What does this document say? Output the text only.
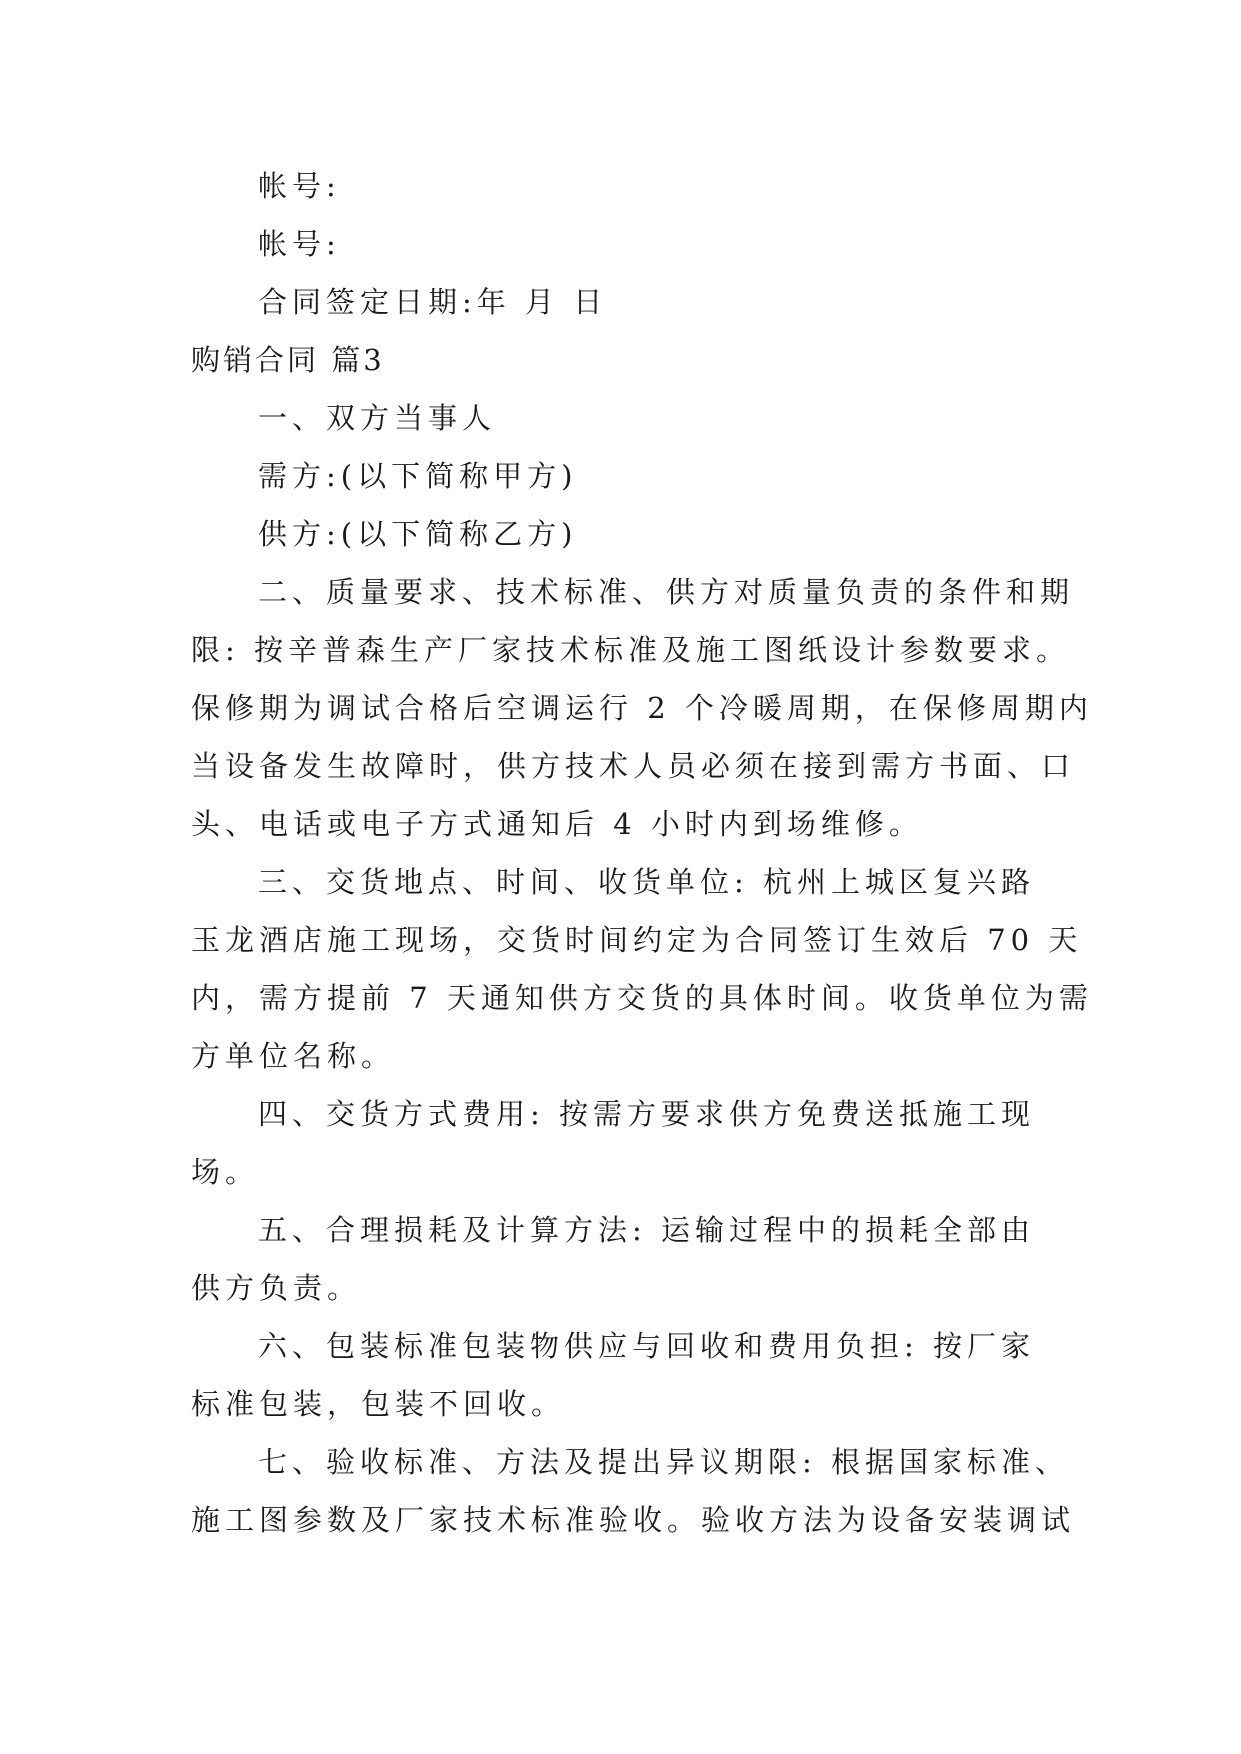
帐号:
帐号:
合同签定日期:年 月 日
购销合同 篇3
一、双方当事人
需方:(以下简称甲方)
供方:(以下简称乙方)
二、质量要求、技术标准、供方对质量负责的条件和期
限: 按辛普森生产厂家技术标准及施工图纸设计参数要求。
保修期为调试合格后空调运行 2 个冷暖周期，在保修周期内
当设备发生故障时，供方技术人员必须在接到需方书面、口
头、电话或电子方式通知后 4 小时内到场维修。
三、交货地点、时间、收货单位: 杭州上城区复兴路
玉龙酒店施工现场，交货时间约定为合同签订生效后 70 天
内，需方提前 7 天通知供方交货的具体时间。收货单位为需
方单位名称。
四、交货方式费用: 按需方要求供方免费送抵施工现
场。
五、合理损耗及计算方法: 运输过程中的损耗全部由
供方负责。
六、包装标准包装物供应与回收和费用负担: 按厂家
标准包装，包装不回收。
七、验收标准、方法及提出异议期限: 根据国家标准、
施工图参数及厂家技术标准验收。验收方法为设备安装调试
